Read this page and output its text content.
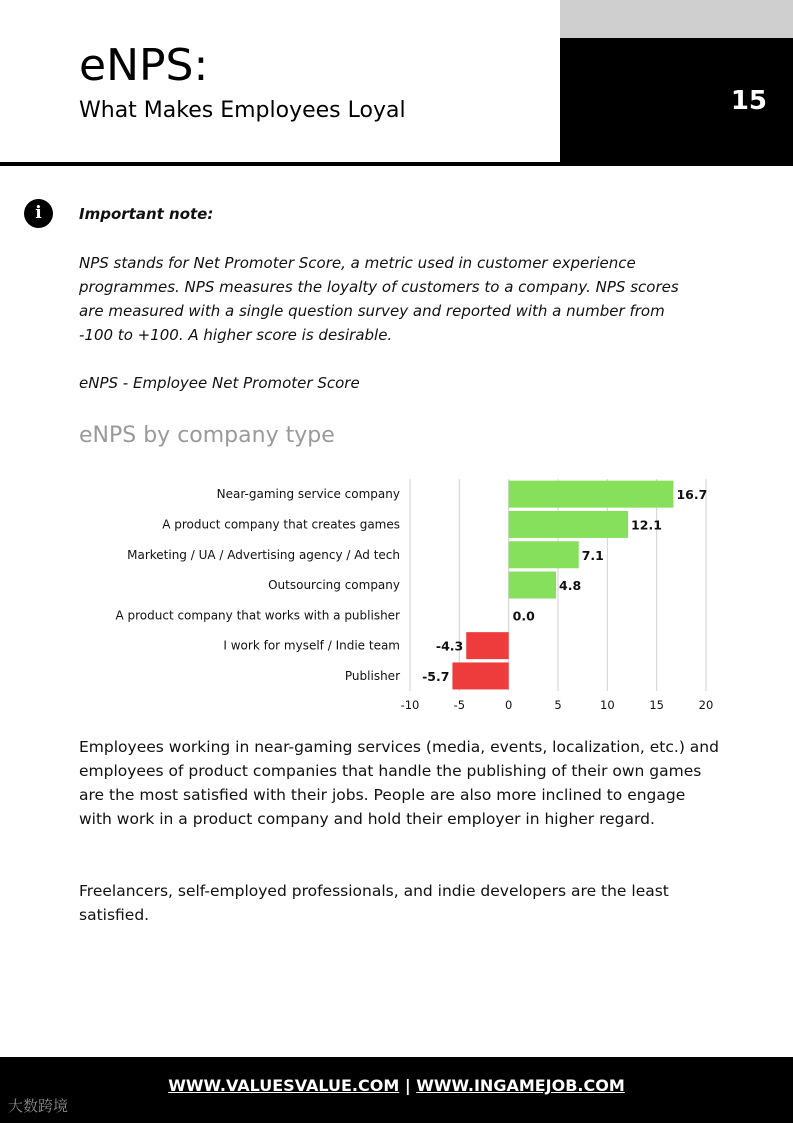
15
eNPS:
What Makes Employees Loyal
i	Important note:
NPS stands for Net Promoter Score, a metric used in customer experience programmes. NPS measures the loyalty of customers to a company. NPS scores are measured with a single question survey and reported with a number from -100 to +100. A higher score is desirable.
eNPS - Employee Net Promoter Score
eNPS by company type
-10	-5	0	5	10	15	20
Near-gaming service company	16.7
A product company that creates games	12.1
Marketing / UA / Advertising agency / Ad tech	7.1
Outsourcing company	4.8
A product company that works with a publisher	0.0
I work for myself / Indie team	-4.3
Publisher -5.7
Employees working in near-gaming services (media, events, localization, etc.) and employees of product companies that handle the publishing of their own games are the most satisfied with their jobs. People are also more inclined to engage with work in a product company and hold their employer in higher regard.
Freelancers, self-employed professionals, and indie developers are the least satisfied.
WWW.VALUESVALUE.COM | WWW.INGAMEJOB.COM
大数跨境
